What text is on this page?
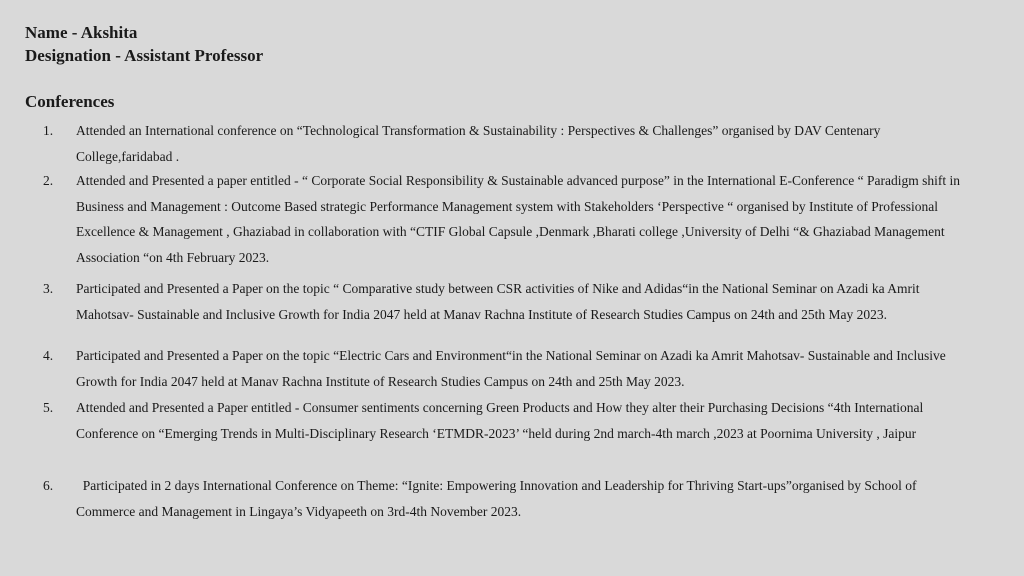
Name - Akshita
Designation - Assistant Professor
Conferences
1. Attended an International conference on “Technological Transformation & Sustainability : Perspectives & Challenges” organised by DAV Centenary College,faridabad .
2. Attended and Presented a paper entitled - “ Corporate Social Responsibility & Sustainable advanced purpose” in the International E-Conference “ Paradigm shift in Business and Management : Outcome Based strategic Performance Management system with Stakeholders ‘Perspective “ organised by Institute of Professional Excellence & Management , Ghaziabad in collaboration with “CTIF Global Capsule ,Denmark ,Bharati college ,University of Delhi “& Ghaziabad Management Association “on 4th February 2023.
3. Participated and Presented a Paper on the topic “ Comparative study between CSR activities of Nike and Adidas“in the National Seminar on Azadi ka Amrit Mahotsav- Sustainable and Inclusive Growth for India 2047 held at Manav Rachna Institute of Research Studies Campus on 24th and 25th May 2023.
4. Participated and Presented a Paper on the topic “Electric Cars and Environment“in the National Seminar on Azadi ka Amrit Mahotsav- Sustainable and Inclusive Growth for India 2047 held at Manav Rachna Institute of Research Studies Campus on 24th and 25th May 2023.
5. Attended and Presented a Paper entitled - Consumer sentiments concerning Green Products and How they alter their Purchasing Decisions “4th International Conference on “Emerging Trends in Multi-Disciplinary Research ‘ETMDR-2023’ “held during 2nd march-4th march ,2023 at Poornima University , Jaipur
6. Participated in 2 days International Conference on Theme: “Ignite: Empowering Innovation and Leadership for Thriving Start-ups”organised by School of Commerce and Management in Lingaya’s Vidyapeeth on 3rd-4th November 2023.
